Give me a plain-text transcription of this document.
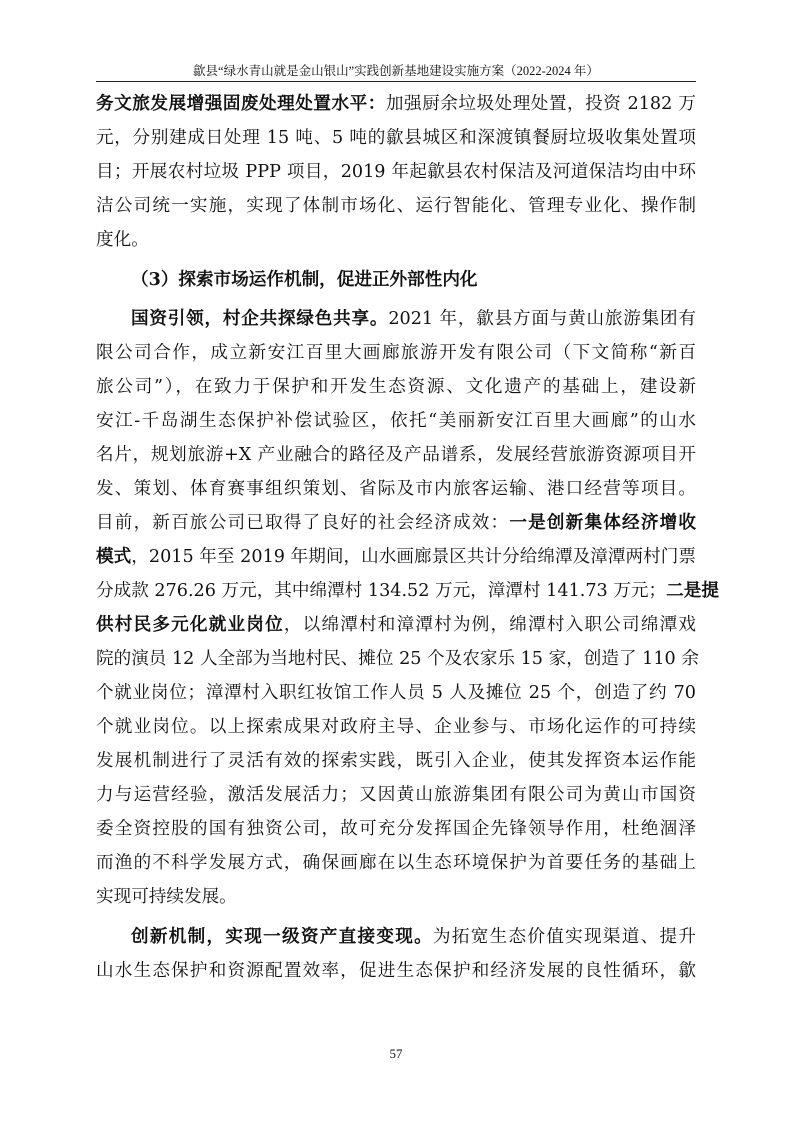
歙县“绿水青山就是金山银山”实践创新基地建设实施方案（2022-2024 年）
务文旅发展增强固废处理处置水平：加强厨余垃圾处理处置，投资 2182 万
元，分别建成日处理 15 吨、5 吨的歙县城区和深渡镇餐厨垃圾收集处置项
目；开展农村垃圾 PPP 项目，2019 年起歙县农村保洁及河道保洁均由中环
洁公司统一实施，实现了体制市场化、运行智能化、管理专业化、操作制
度化。
（3）探索市场运作机制，促进正外部性内化
国资引领，村企共探绿色共享。2021 年，歙县方面与黄山旅游集团有
限公司合作，成立新安江百里大画廊旅游开发有限公司（下文简称“新百
旅公司”），在致力于保护和开发生态资源、文化遗产的基础上，建设新
安江-千岛湖生态保护补偿试验区，依托“美丽新安江百里大画廊”的山水
名片，规划旅游+X 产业融合的路径及产品谱系，发展经营旅游资源项目开
发、策划、体育赛事组织策划、省际及市内旅客运输、港口经营等项目。
目前，新百旅公司已取得了良好的社会经济成效：一是创新集体经济增收
模式，2015 年至 2019 年期间，山水画廊景区共计分给绵潭及漳潭两村门票
分成款 276.26 万元，其中绵潭村 134.52 万元，漳潭村 141.73 万元；二是提
供村民多元化就业岗位，以绵潭村和漳潭村为例，绵潭村入职公司绵潭戏
院的演员 12 人全部为当地村民、摊位 25 个及农家乐 15 家，创造了 110 余
个就业岗位；漳潭村入职红妆馆工作人员 5 人及摊位 25 个，创造了约 70
个就业岗位。以上探索成果对政府主导、企业参与、市场化运作的可持续
发展机制进行了灵活有效的探索实践，既引入企业，使其发挥资本运作能
力与运营经验，激活发展活力；又因黄山旅游集团有限公司为黄山市国资
委全资控股的国有独资公司，故可充分发挥国企先锋领导作用，杜绝涸泽
而渔的不科学发展方式，确保画廊在以生态环境保护为首要任务的基础上
实现可持续发展。
创新机制，实现一级资产直接变现。为拓宽生态价值实现渠道、提升
山水生态保护和资源配置效率，促进生态保护和经济发展的良性循环，歙
57
